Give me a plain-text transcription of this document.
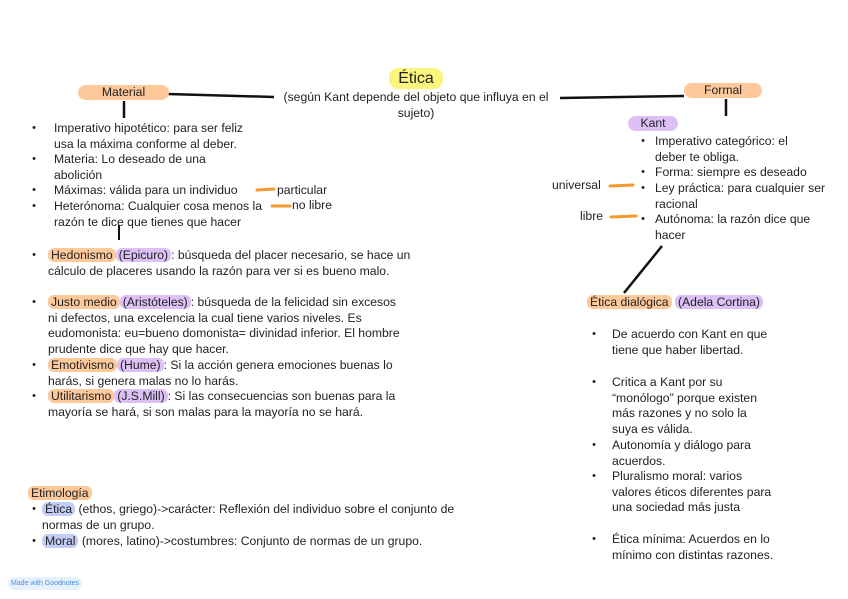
Ética
(según Kant depende del objeto que influya en el sujeto)
Material
• Imperativo hipotético: para ser feliz usa la máxima conforme al deber.
• Materia: Lo deseado de una abolición
• Máximas: válida para un individuo	particular
• Heterónoma: Cualquier cosa menos la razón te dice que tienes que hacer
no libre
• Hedonismo (Epicuro) : búsqueda del placer necesario, se hace un cálculo de placeres usando la razón para ver si es bueno malo.
• Justo medio (Aristóteles) : búsqueda de la felicidad sin excesos ni defectos, una excelencia la cual tiene varios niveles. Es eudomonista: eu=bueno domonista= divinidad inferior. El hombre prudente dice que hay que hacer.
• Emotivismo (Hume) : Si la acción genera emociones buenas lo harás, si genera malas no lo harás.
• Utilitarismo (J.S.Mill) : Si las consecuencias son buenas para la mayoría se hará, si son malas para la mayoría no se hará.
Formal
Kant
• Imperativo categórico: el deber te obliga.
• Forma: siempre es deseado
• Ley práctica: para cualquier ser racional
universal
• Autónoma: la razón dice que hacer
libre
Ética dialógica (Adela Cortina)
• De acuerdo con Kant en que tiene que haber libertad.
• Critica a Kant por su “monólogo” porque existen más razones y no solo la suya es válida.
• Autonomía y diálogo para acuerdos.
• Pluralismo moral: varios valores éticos diferentes para una sociedad más justa
• Ética mínima: Acuerdos en lo mínimo con distintas razones.
Etimología
• Ética (ethos, griego)->carácter: Reflexión del individuo sobre el conjunto de normas de un grupo.
• Moral (mores, latino)->costumbres: Conjunto de normas de un grupo.
Made with Goodnotes
